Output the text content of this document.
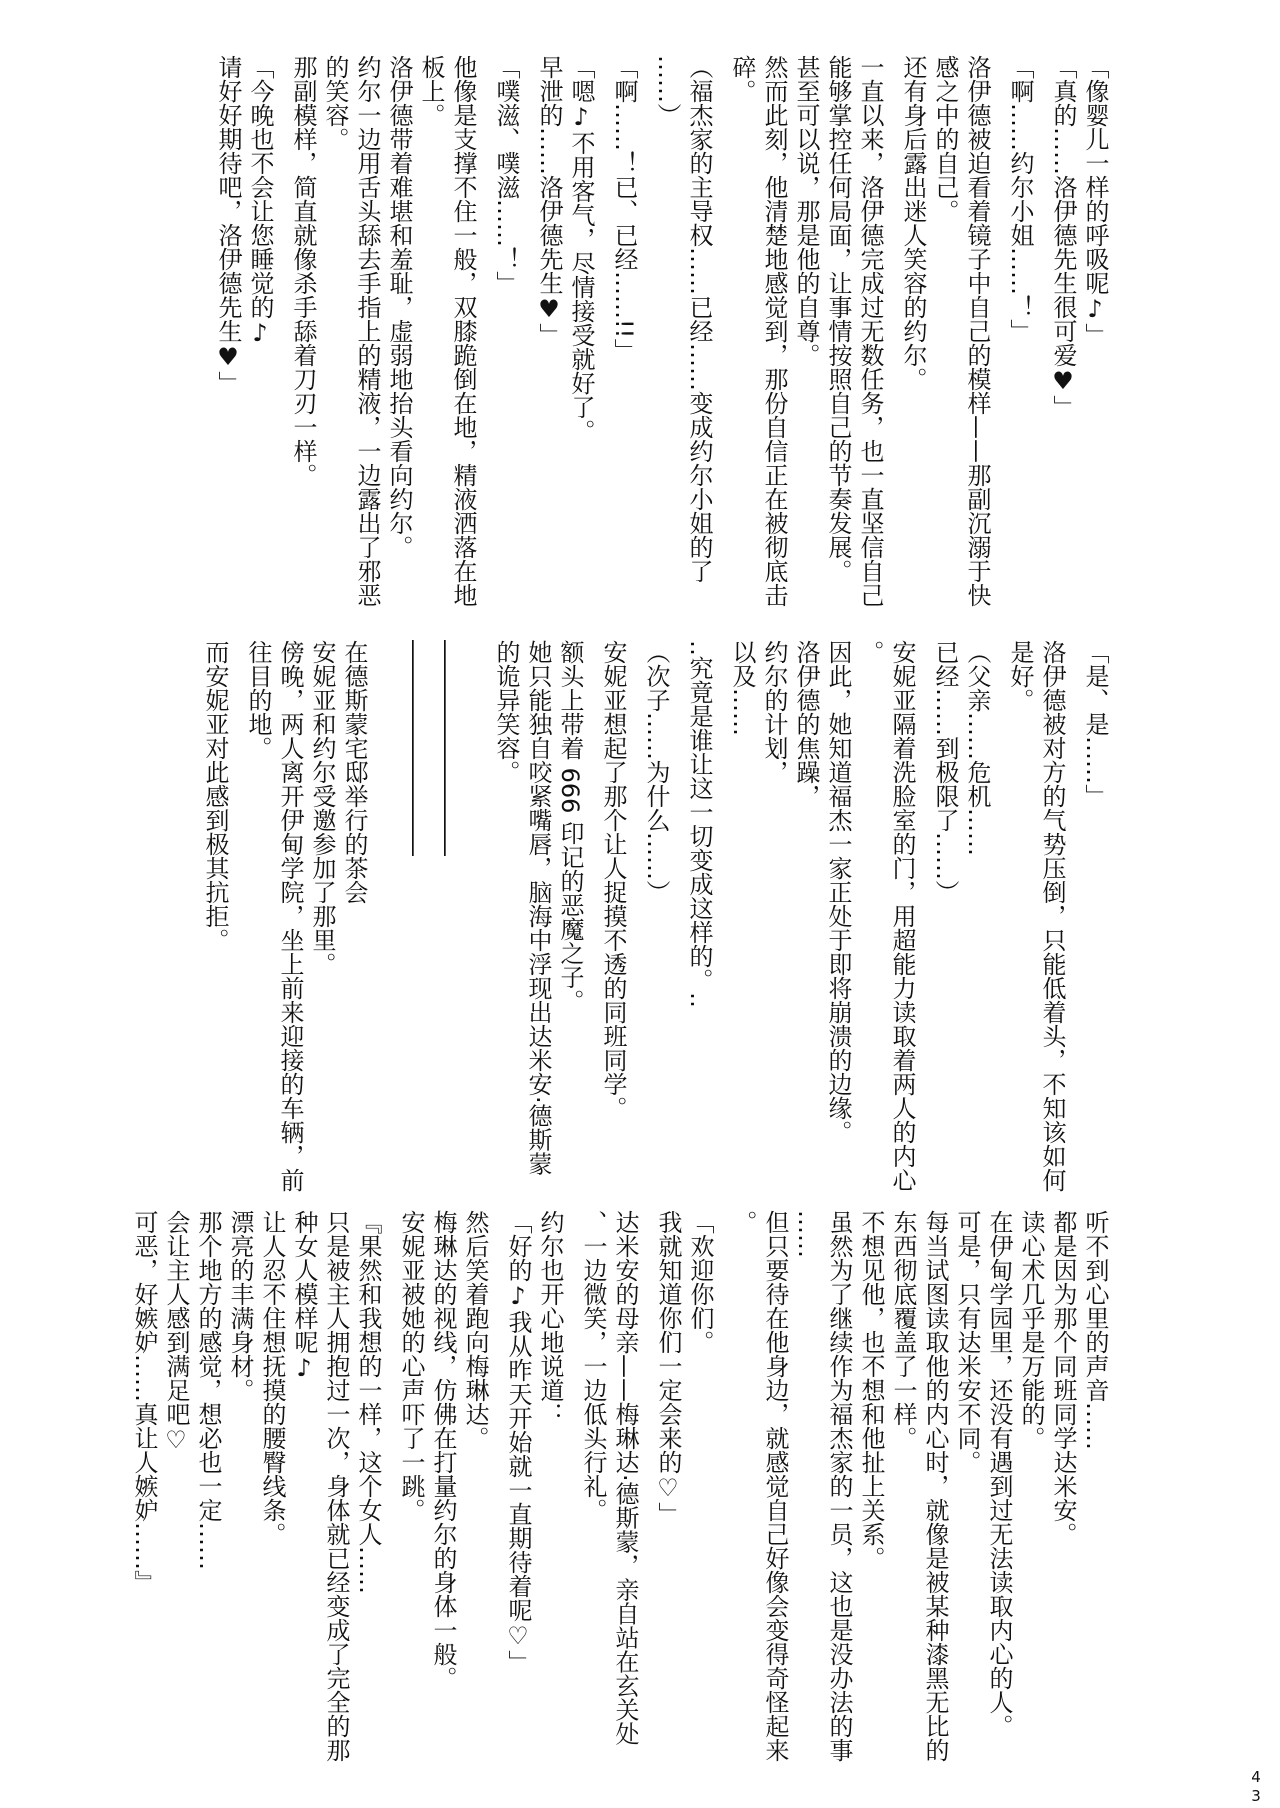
「像婴儿一样的呼吸呢♪」
「真的……洛伊德先生很可爱♥」
「啊……约尔小姐……！」
洛伊德被迫看着镜子中自己的模样——那副沉溺于快
感之中的自己。
还有身后露出迷人笑容的约尔。
一直以来，洛伊德完成过无数任务，也一直坚信自己
能够掌控任何局面，让事情按照自己的节奏发展。
甚至可以说，那是他的自尊。
然而此刻，他清楚地感觉到，那份自信正在被彻底击
碎。
（福杰家的主导权……已经……变成约尔小姐的了
……）
「啊……！已、已经……!!」
「嗯♪不用客气，尽情接受就好了。
早泄的……洛伊德先生♥」
「噗滋、噗滋……！」
他像是支撑不住一般，双膝跪倒在地，精液洒落在地
板上。
洛伊德带着难堪和羞耻，虚弱地抬头看向约尔。
约尔一边用舌头舔去手指上的精液，一边露出了邪恶
的笑容。
那副模样，简直就像杀手舔着刀刃一样。
「今晚也不会让您睡觉的♪
请好好期待吧，洛伊德先生♥」
「是、是……」
洛伊德被对方的气势压倒，只能低着头，不知该如何
是好。
（父亲……危机……
已经……到极限了……）
安妮亚隔着洗脸室的门，用超能力读取着两人的内心
。
因此，她知道福杰一家正处于即将崩溃的边缘。
洛伊德的焦躁，
约尔的计划，
以及……
‥究竟是谁让这一切变成这样的。‥
（次子……为什么……）
安妮亚想起了那个让人捉摸不透的同班同学。
额头上带着 666 印记的恶魔之子。
她只能独自咬紧嘴唇，脑海中浮现出达米安·德斯蒙
的诡异笑容。
―――――――――
―――――――――
在德斯蒙宅邸举行的茶会
安妮亚和约尔受邀参加了那里。
傍晚，两人离开伊甸学院，坐上前来迎接的车辆，前
往目的地。
而安妮亚对此感到极其抗拒。
听不到心里的声音……
都是因为那个同班同学达米安。
读心术几乎是万能的。
在伊甸学园里，还没有遇到过无法读取内心的人。
可是，只有达米安不同。
每当试图读取他的内心时，就像是被某种漆黑无比的
东西彻底覆盖了一样。
不想见他，也不想和他扯上关系。
虽然为了继续作为福杰家的一员，这也是没办法的事
……
但只要待在他身边，就感觉自己好像会变得奇怪起来
。
「欢迎你们。
我就知道你们一定会来的♡」
达米安的母亲——梅琳达·德斯蒙，亲自站在玄关处
、一边微笑，一边低头行礼。
约尔也开心地说道：
「好的♪我从昨天开始就一直期待着呢♡」
然后笑着跑向梅琳达。
梅琳达的视线，仿佛在打量约尔的身体一般。
安妮亚被她的心声吓了一跳。
『果然和我想的一样，这个女人……
只是被主人拥抱过一次，身体就已经变成了完全的那
种女人模样呢♪
让人忍不住想抚摸的腰臀线条。
漂亮的丰满身材。
那个地方的感觉，想必也一定……
会让主人感到满足吧♡
可恶，好嫉妒……真让人嫉妒……』
43
